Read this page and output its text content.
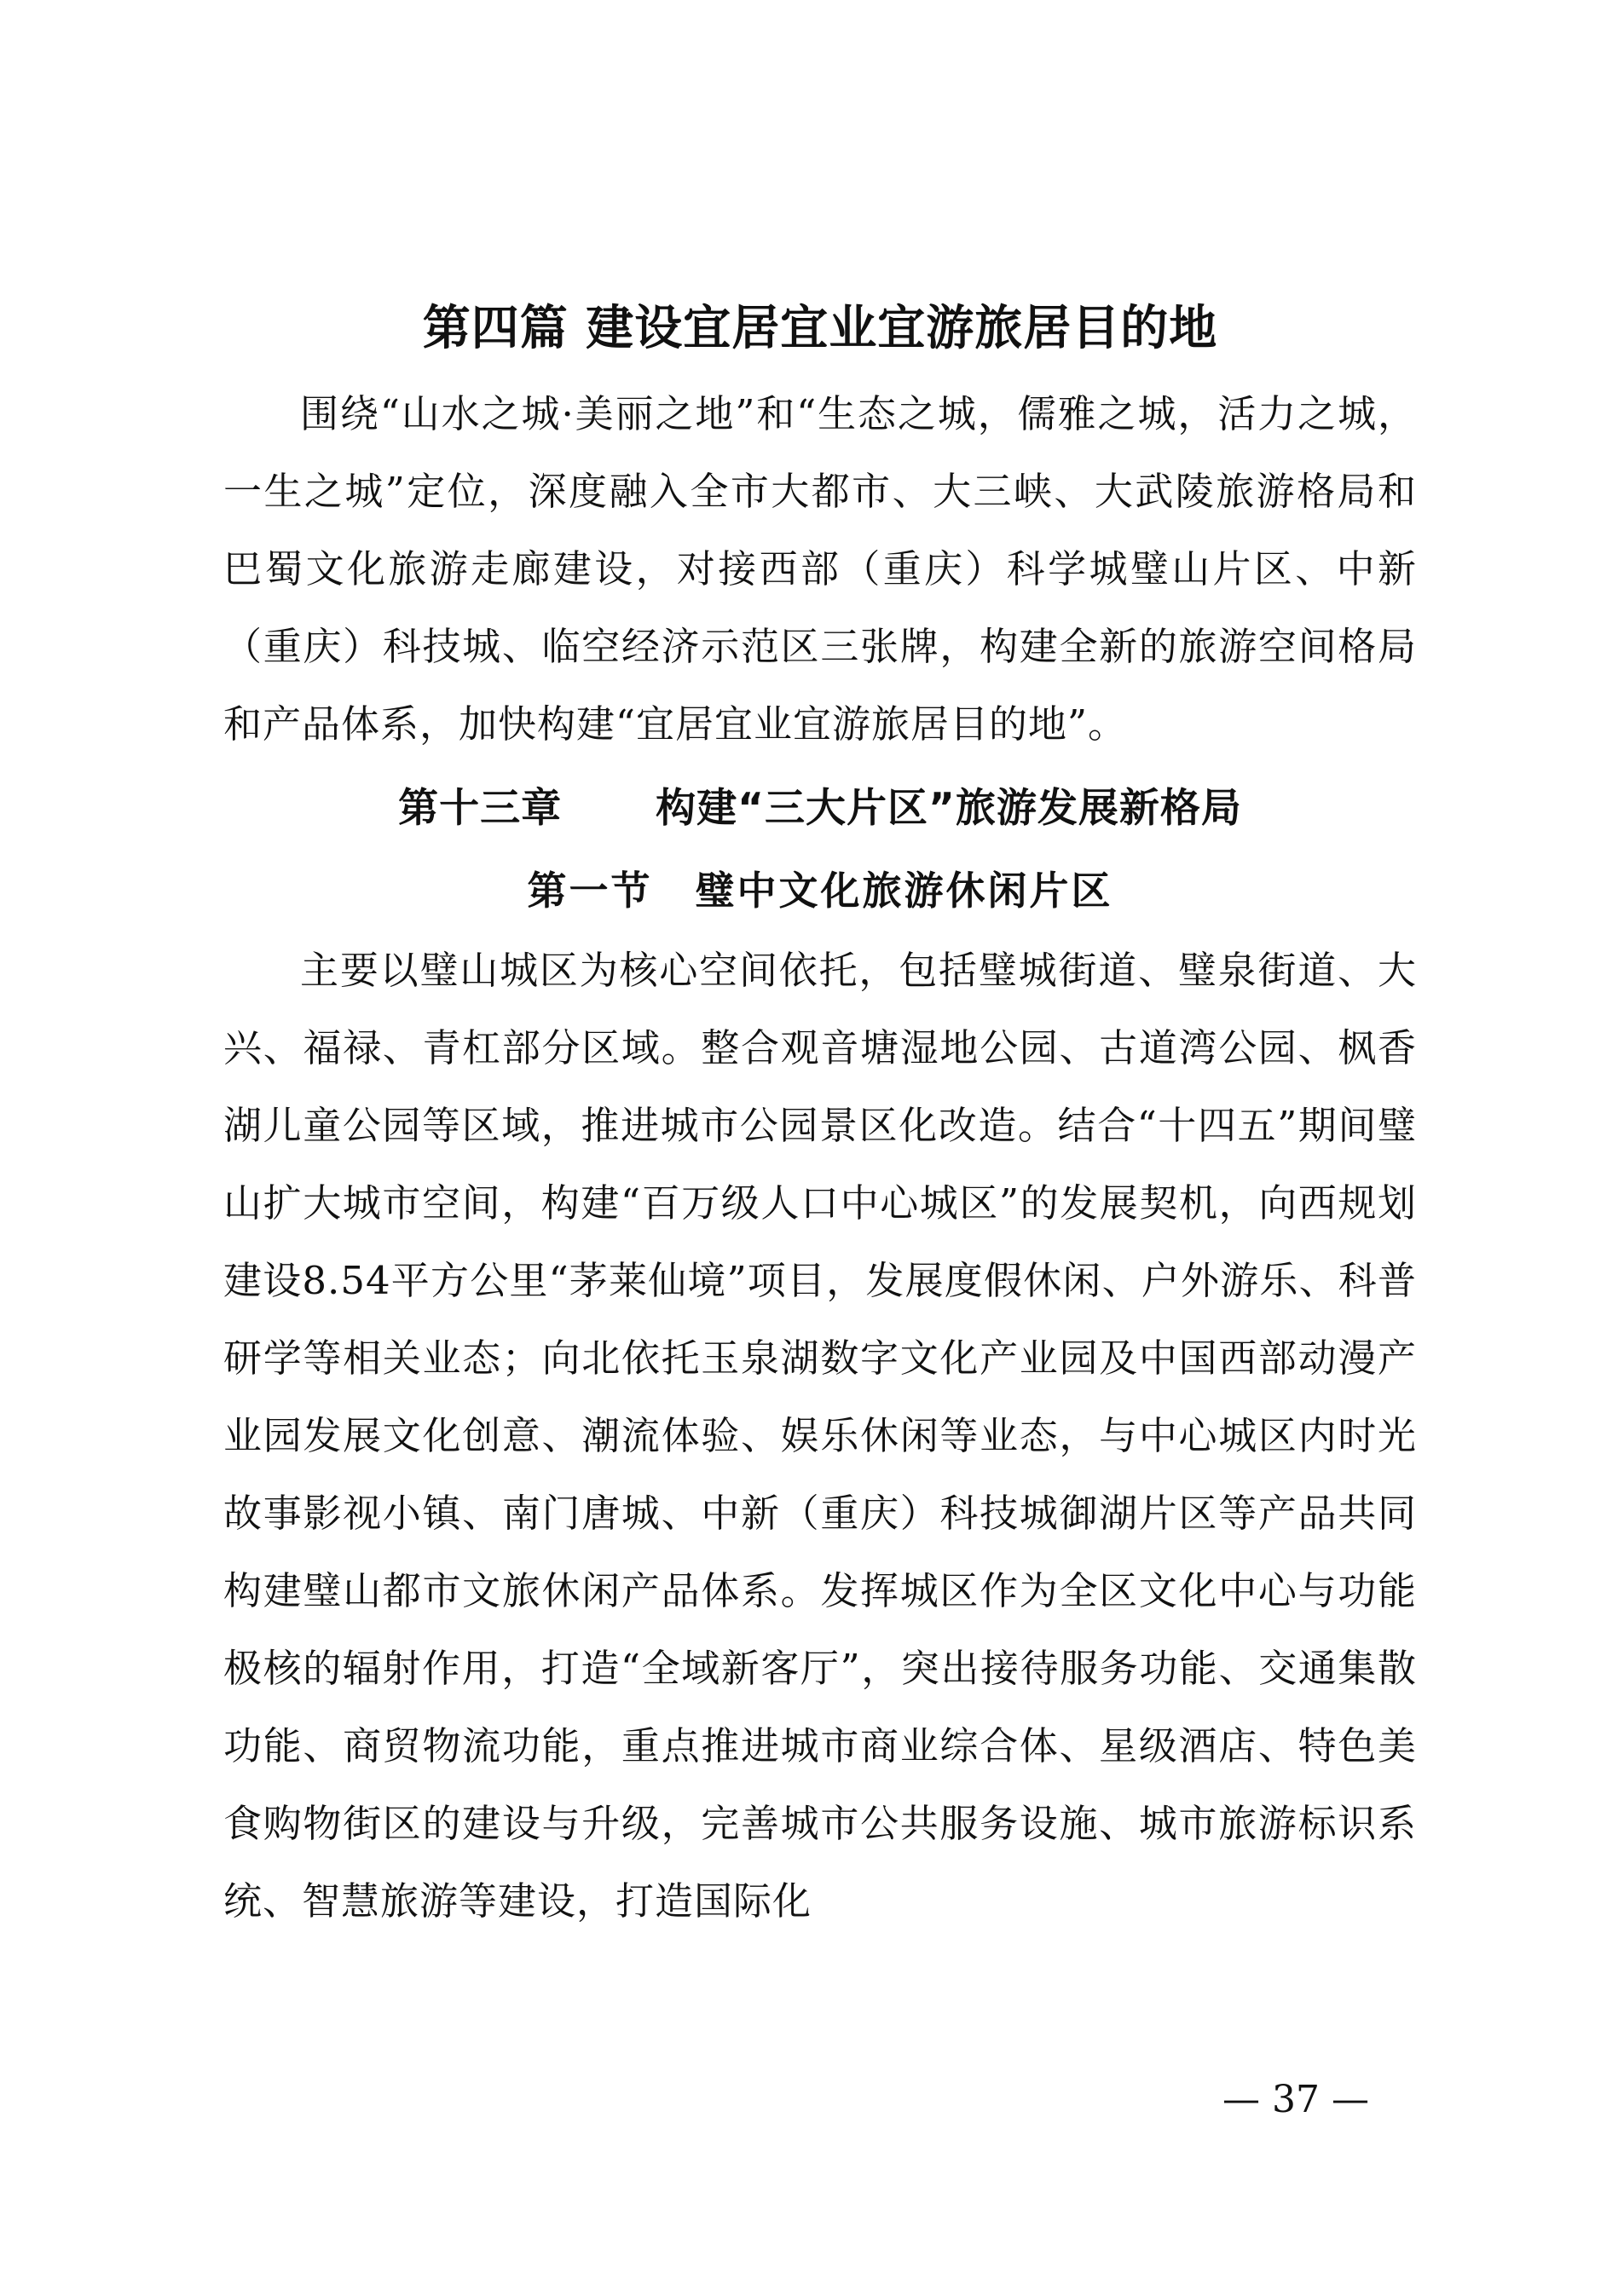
第四篇 建设宜居宜业宜游旅居目的地

围绕“山水之城·美丽之地”和“生态之城，儒雅之城，活力之城，一生之城”定位，深度融入全市大都市、大三峡、大武陵旅游格局和巴蜀文化旅游走廊建设，对接西部（重庆）科学城璧山片区、中新（重庆）科技城、临空经济示范区三张牌，构建全新的旅游空间格局和产品体系，加快构建“宜居宜业宜游旅居目的地”。

第十三章 构建“三大片区”旅游发展新格局
第一节 璧中文化旅游休闲片区

主要以璧山城区为核心空间依托，包括璧城街道、璧泉街道、大兴、福禄、青杠部分区域。整合观音塘湿地公园、古道湾公园、枫香湖儿童公园等区域，推进城市公园景区化改造。结合“十四五”期间璧山扩大城市空间，构建“百万级人口中心城区”的发展契机，向西规划建设8.54平方公里“茅莱仙境”项目，发展度假休闲、户外游乐、科普研学等相关业态；向北依托玉泉湖数字文化产业园及中国西部动漫产业园发展文化创意、潮流体验、娱乐休闲等业态，与中心城区内时光故事影视小镇、南门唐城、中新（重庆）科技城御湖片区等产品共同构建璧山都市文旅休闲产品体系。发挥城区作为全区文化中心与功能极核的辐射作用，打造“全域新客厅”，突出接待服务功能、交通集散功能、商贸物流功能，重点推进城市商业综合体、星级酒店、特色美食购物街区的建设与升级，完善城市公共服务设施、城市旅游标识系统、智慧旅游等建设，打造国际化

— 37 —
